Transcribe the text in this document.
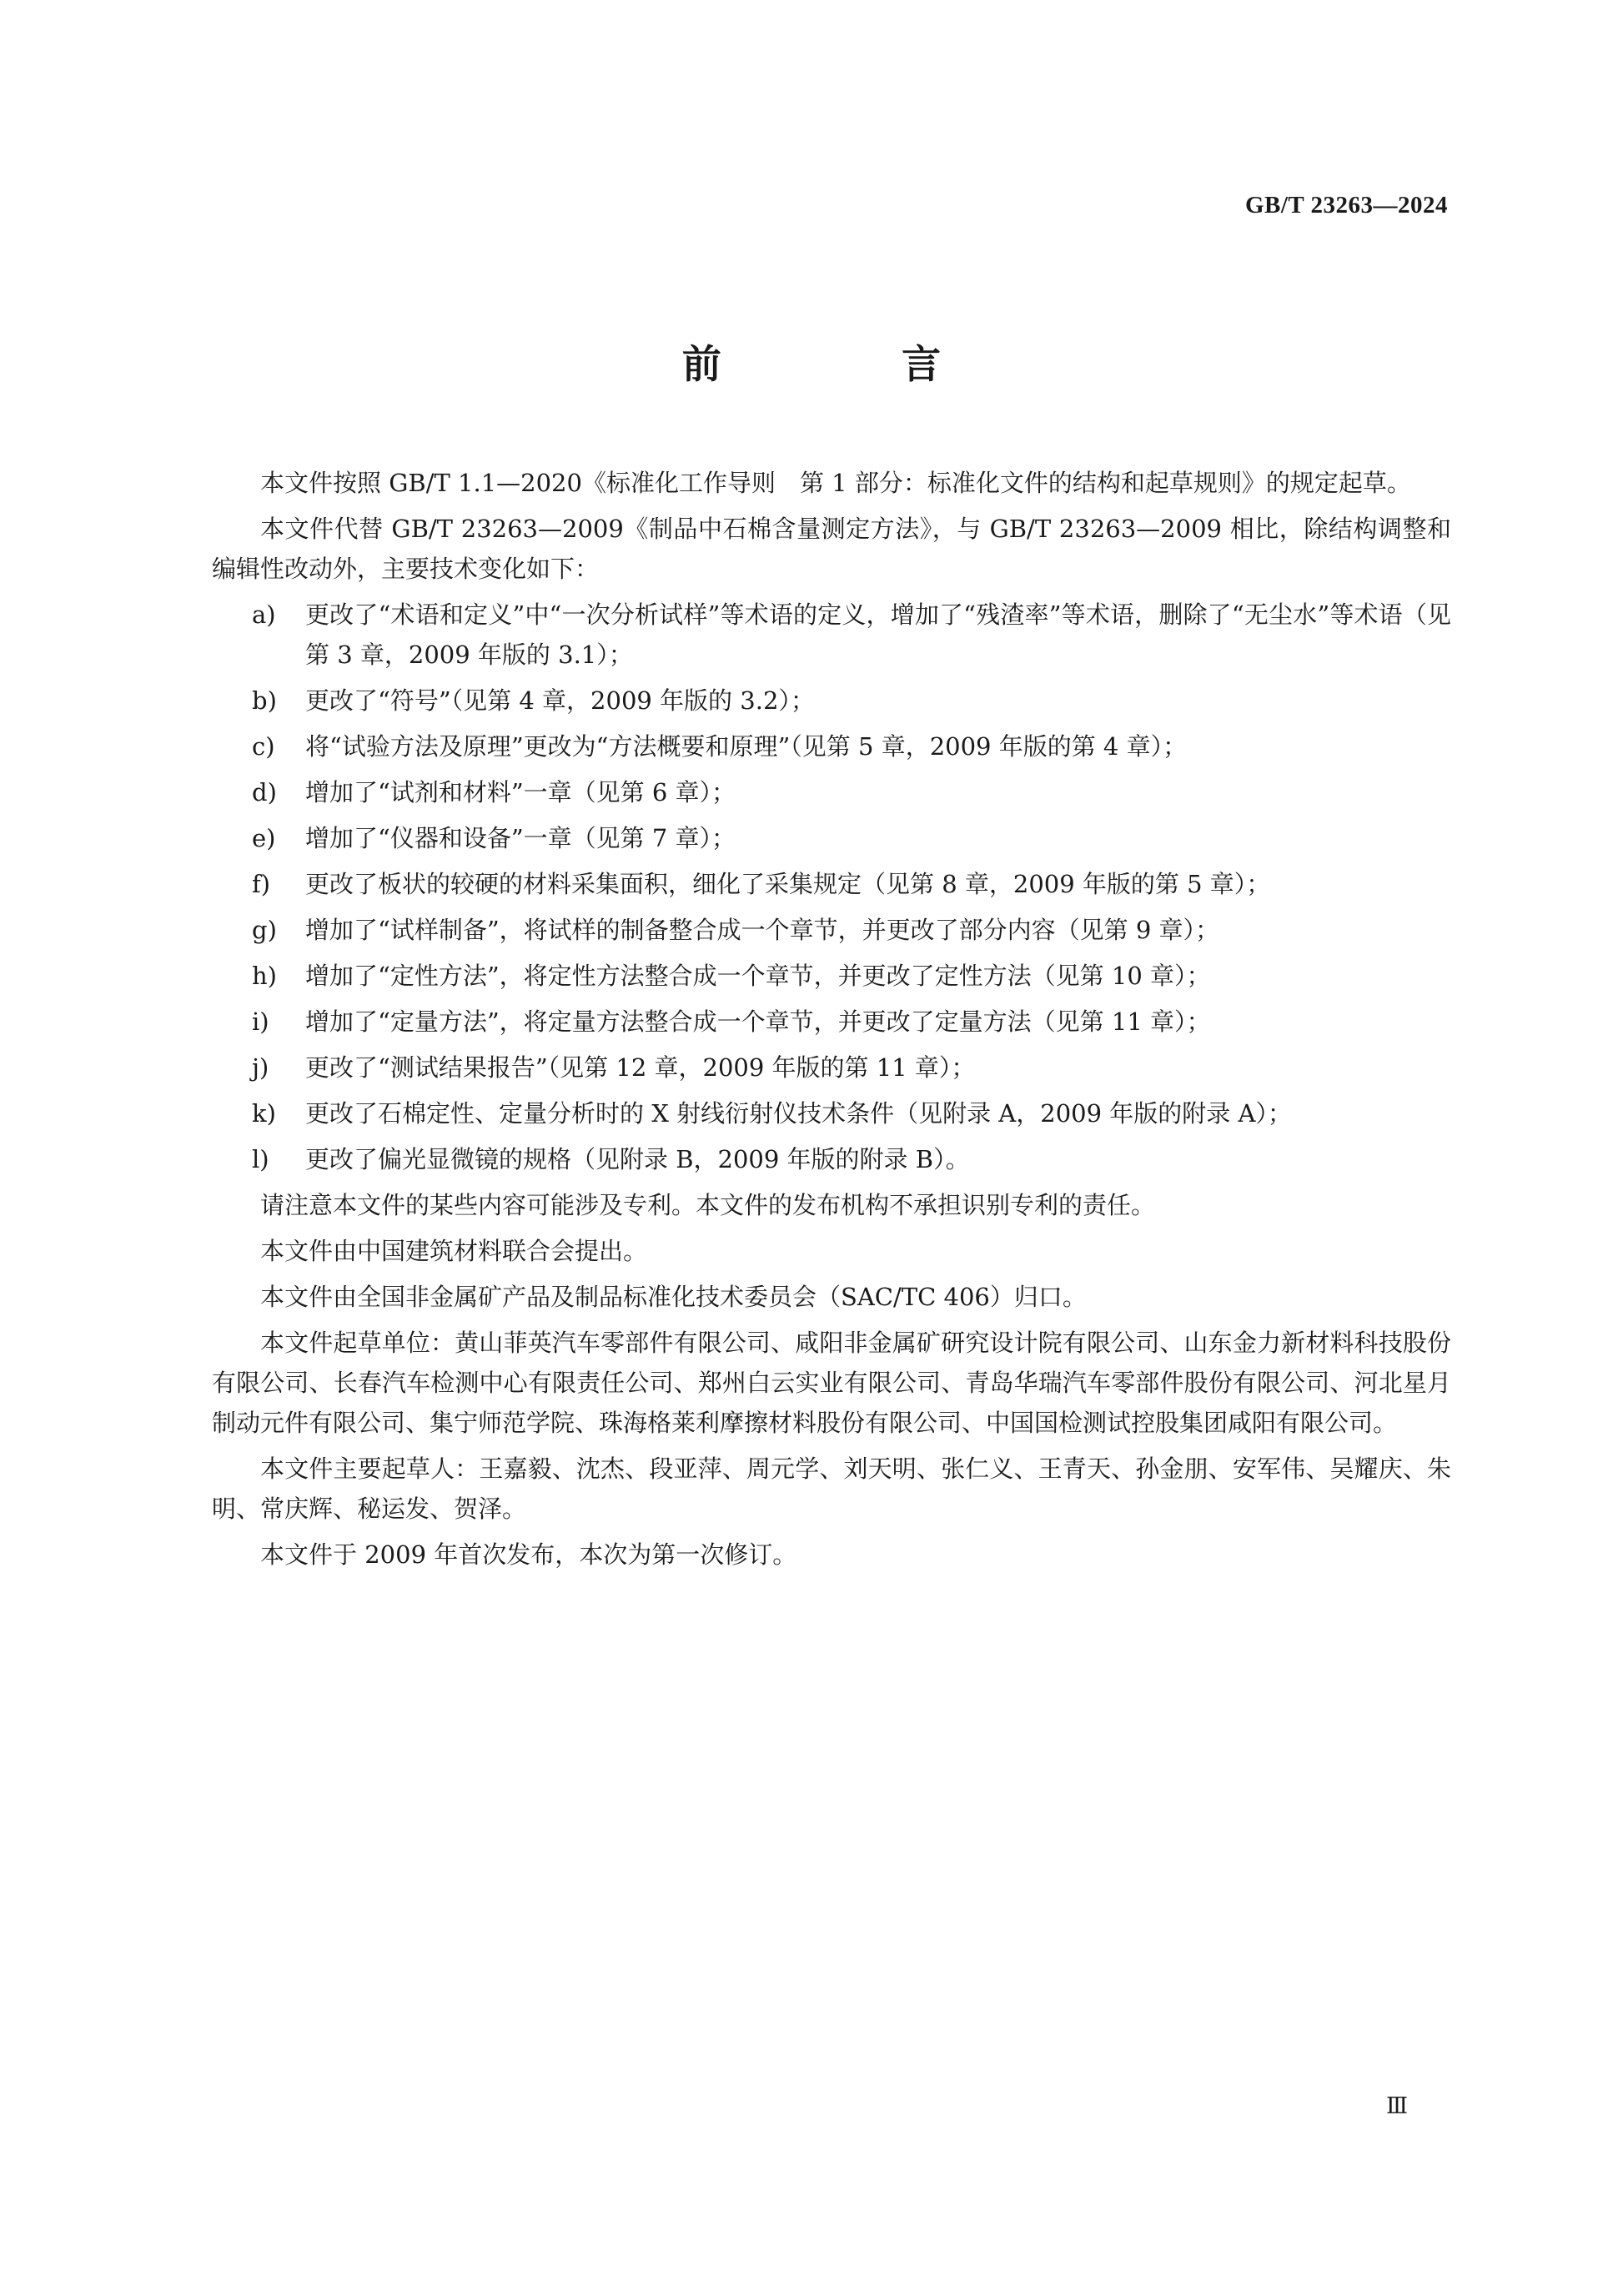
GB/T 23263—2024
前 言

本文件按照 GB/T 1.1—2020《标准化工作导则　第 1 部分：标准化文件的结构和起草规则》的规定起草。

本文件代替 GB/T 23263—2009《制品中石棉含量测定方法》，与 GB/T 23263—2009 相比，除结构调整和编辑性改动外，主要技术变化如下：

a) 更改了“术语和定义”中“一次分析试样”等术语的定义，增加了“残渣率”等术语，删除了“无尘水”等术语（见第 3 章，2009 年版的 3.1）；
b) 更改了“符号”（见第 4 章，2009 年版的 3.2）；
c) 将“试验方法及原理”更改为“方法概要和原理”（见第 5 章，2009 年版的第 4 章）；
d) 增加了“试剂和材料”一章（见第 6 章）；
e) 增加了“仪器和设备”一章（见第 7 章）；
f) 更改了板状的较硬的材料采集面积，细化了采集规定（见第 8 章，2009 年版的第 5 章）；
g) 增加了“试样制备”，将试样的制备整合成一个章节，并更改了部分内容（见第 9 章）；
h) 增加了“定性方法”，将定性方法整合成一个章节，并更改了定性方法（见第 10 章）；
i) 增加了“定量方法”，将定量方法整合成一个章节，并更改了定量方法（见第 11 章）；
j) 更改了“测试结果报告”（见第 12 章，2009 年版的第 11 章）；
k) 更改了石棉定性、定量分析时的 X 射线衍射仪技术条件（见附录 A，2009 年版的附录 A）；
l) 更改了偏光显微镜的规格（见附录 B，2009 年版的附录 B）。

请注意本文件的某些内容可能涉及专利。本文件的发布机构不承担识别专利的责任。

本文件由中国建筑材料联合会提出。

本文件由全国非金属矿产品及制品标准化技术委员会（SAC/TC 406）归口。

本文件起草单位：黄山菲英汽车零部件有限公司、咸阳非金属矿研究设计院有限公司、山东金力新材料科技股份有限公司、长春汽车检测中心有限责任公司、郑州白云实业有限公司、青岛华瑞汽车零部件股份有限公司、河北星月制动元件有限公司、集宁师范学院、珠海格莱利摩擦材料股份有限公司、中国国检测试控股集团咸阳有限公司。

本文件主要起草人：王嘉毅、沈杰、段亚萍、周元学、刘天明、张仁义、王青天、孙金朋、安军伟、吴耀庆、朱明、常庆辉、秘运发、贺泽。

本文件于 2009 年首次发布，本次为第一次修订。

Ⅲ
